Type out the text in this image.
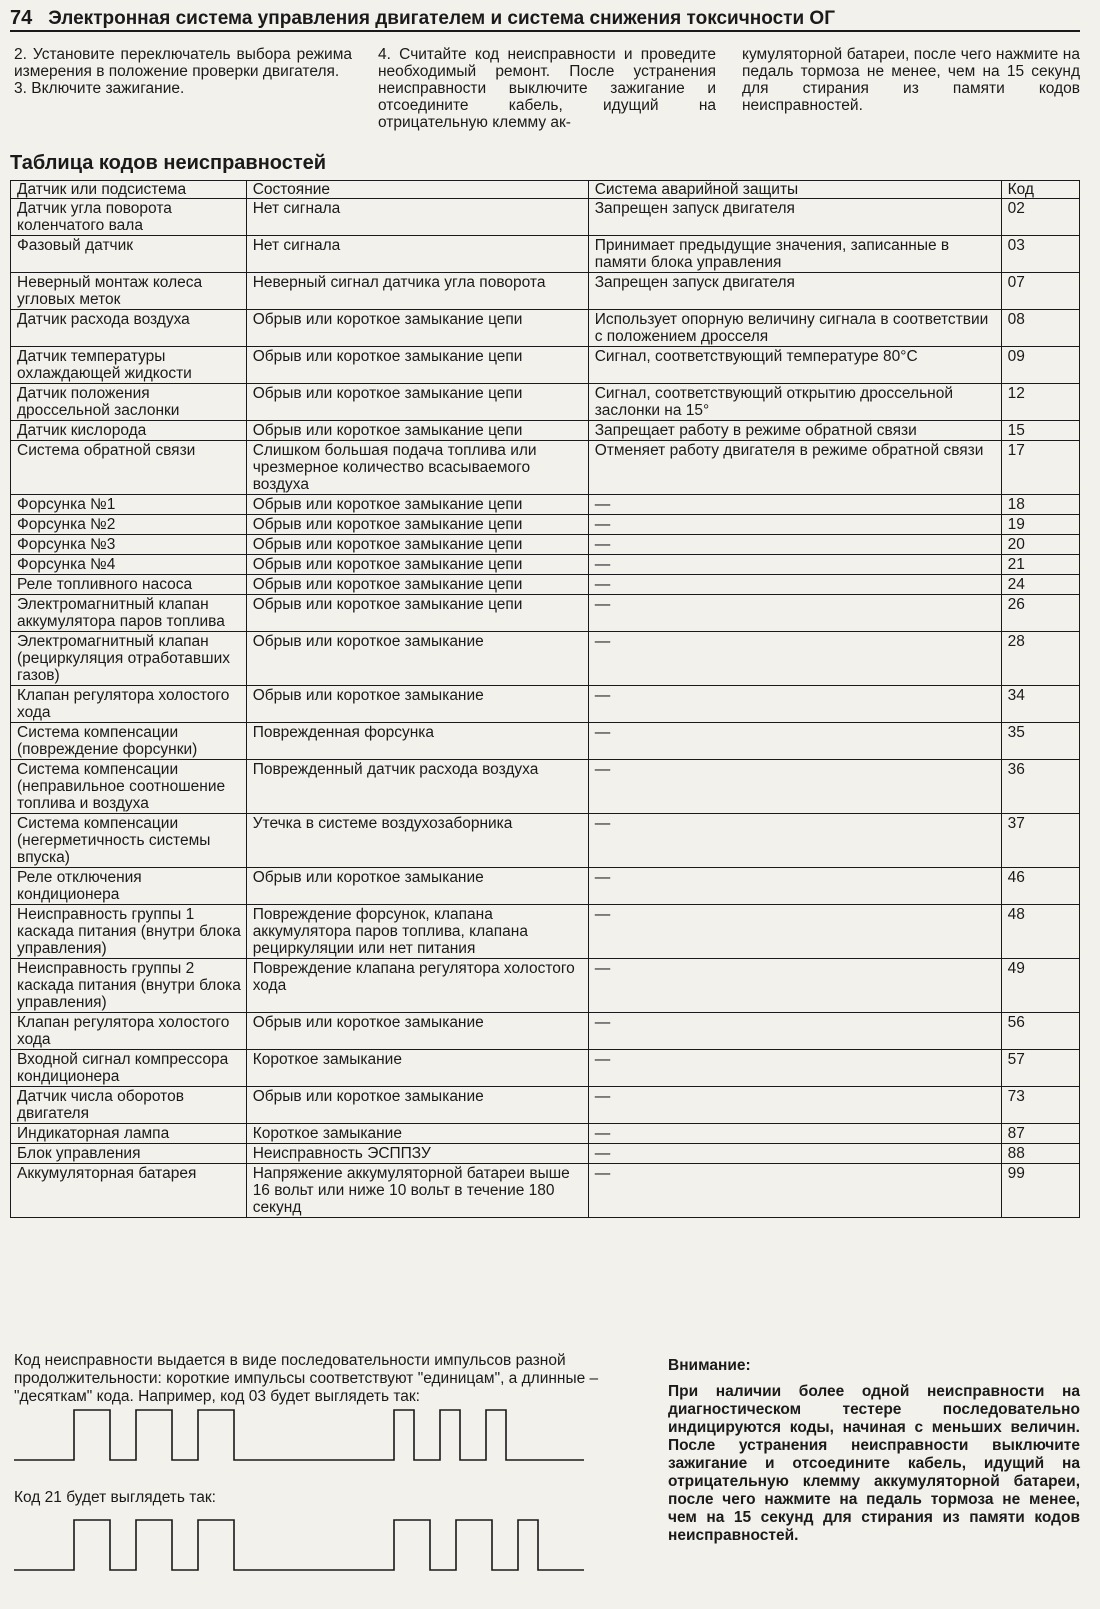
74 Электронная система управления двигателем и система снижения токсичности ОГ
2. Установите переключатель выбора режима измерения в положение проверки двигателя.
3. Включите зажигание.
4. Считайте код неисправности и проведите необходимый ремонт. После устранения неисправности выключите зажигание и отсоедините кабель, идущий на отрицательную клемму ак-
кумуляторной батареи, после чего нажмите на педаль тормоза не менее, чем на 15 секунд для стирания из памяти кодов неисправностей.
Таблица кодов неисправностей
Датчик или подсистема	Состояние	Система аварийной защиты	Код
Датчик угла поворота коленчатого вала	Нет сигнала	Запрещен запуск двигателя	02
Фазовый датчик	Нет сигнала	Принимает предыдущие значения, записанные в памяти блока управления	03
Неверный монтаж колеса угловых меток	Неверный сигнал датчика угла поворота	Запрещен запуск двигателя	07
Датчик расхода воздуха	Обрыв или короткое замыкание цепи	Использует опорную величину сигнала в соответствии с положением дросселя	08
Датчик температуры охлаждающей жидкости	Обрыв или короткое замыкание цепи	Сигнал, соответствующий температуре 80°С	09
Датчик положения дроссельной заслонки	Обрыв или короткое замыкание цепи	Сигнал, соответствующий открытию дроссельной заслонки на 15°	12
Датчик кислорода	Обрыв или короткое замыкание цепи	Запрещает работу в режиме обратной связи	15
Система обратной связи	Слишком большая подача топлива или чрезмерное количество всасываемого воздуха	Отменяет работу двигателя в режиме обратной связи	17
Форсунка №1	Обрыв или короткое замыкание цепи	—	18
Форсунка №2	Обрыв или короткое замыкание цепи	—	19
Форсунка №3	Обрыв или короткое замыкание цепи	—	20
Форсунка №4	Обрыв или короткое замыкание цепи	—	21
Реле топливного насоса	Обрыв или короткое замыкание цепи	—	24
Электромагнитный клапан аккумулятора паров топлива	Обрыв или короткое замыкание цепи	—	26
Электромагнитный клапан (рециркуляция отработавших газов)	Обрыв или короткое замыкание	—	28
Клапан регулятора холостого хода	Обрыв или короткое замыкание	—	34
Система компенсации (повреждение форсунки)	Поврежденная форсунка	—	35
Система компенсации (неправильное соотношение топлива и воздуха	Поврежденный датчик расхода воздуха	—	36
Система компенсации (негерметичность системы впуска)	Утечка в системе воздухозаборника	—	37
Реле отключения кондиционера	Обрыв или короткое замыкание	—	46
Неисправность группы 1 каскада питания (внутри блока управления)	Повреждение форсунок, клапана аккумулятора паров топлива, клапана рециркуляции или нет питания	—	48
Неисправность группы 2 каскада питания (внутри блока управления)	Повреждение клапана регулятора холостого хода	—	49
Клапан регулятора холостого хода	Обрыв или короткое замыкание	—	56
Входной сигнал компрессора кондиционера	Короткое замыкание	—	57
Датчик числа оборотов двигателя	Обрыв или короткое замыкание	—	73
Индикаторная лампа	Короткое замыкание	—	87
Блок управления	Неисправность ЭСППЗУ	—	88
Аккумуляторная батарея	Напряжение аккумуляторной батареи выше 16 вольт или ниже 10 вольт в течение 180 секунд	—	99
Код неисправности выдается в виде последовательности импульсов разной продолжительности: короткие импульсы соответствуют "единицам", а длинные – "десяткам" кода. Например, код 03 будет выглядеть так:
Код 21 будет выглядеть так:
Внимание:
При наличии более одной неисправности на диагностическом тестере последовательно индицируются коды, начиная с меньших величин. После устранения неисправности выключите зажигание и отсоедините кабель, идущий на отрицательную клемму аккумуляторной батареи, после чего нажмите на педаль тормоза не менее, чем на 15 секунд для стирания из памяти кодов неисправностей.
